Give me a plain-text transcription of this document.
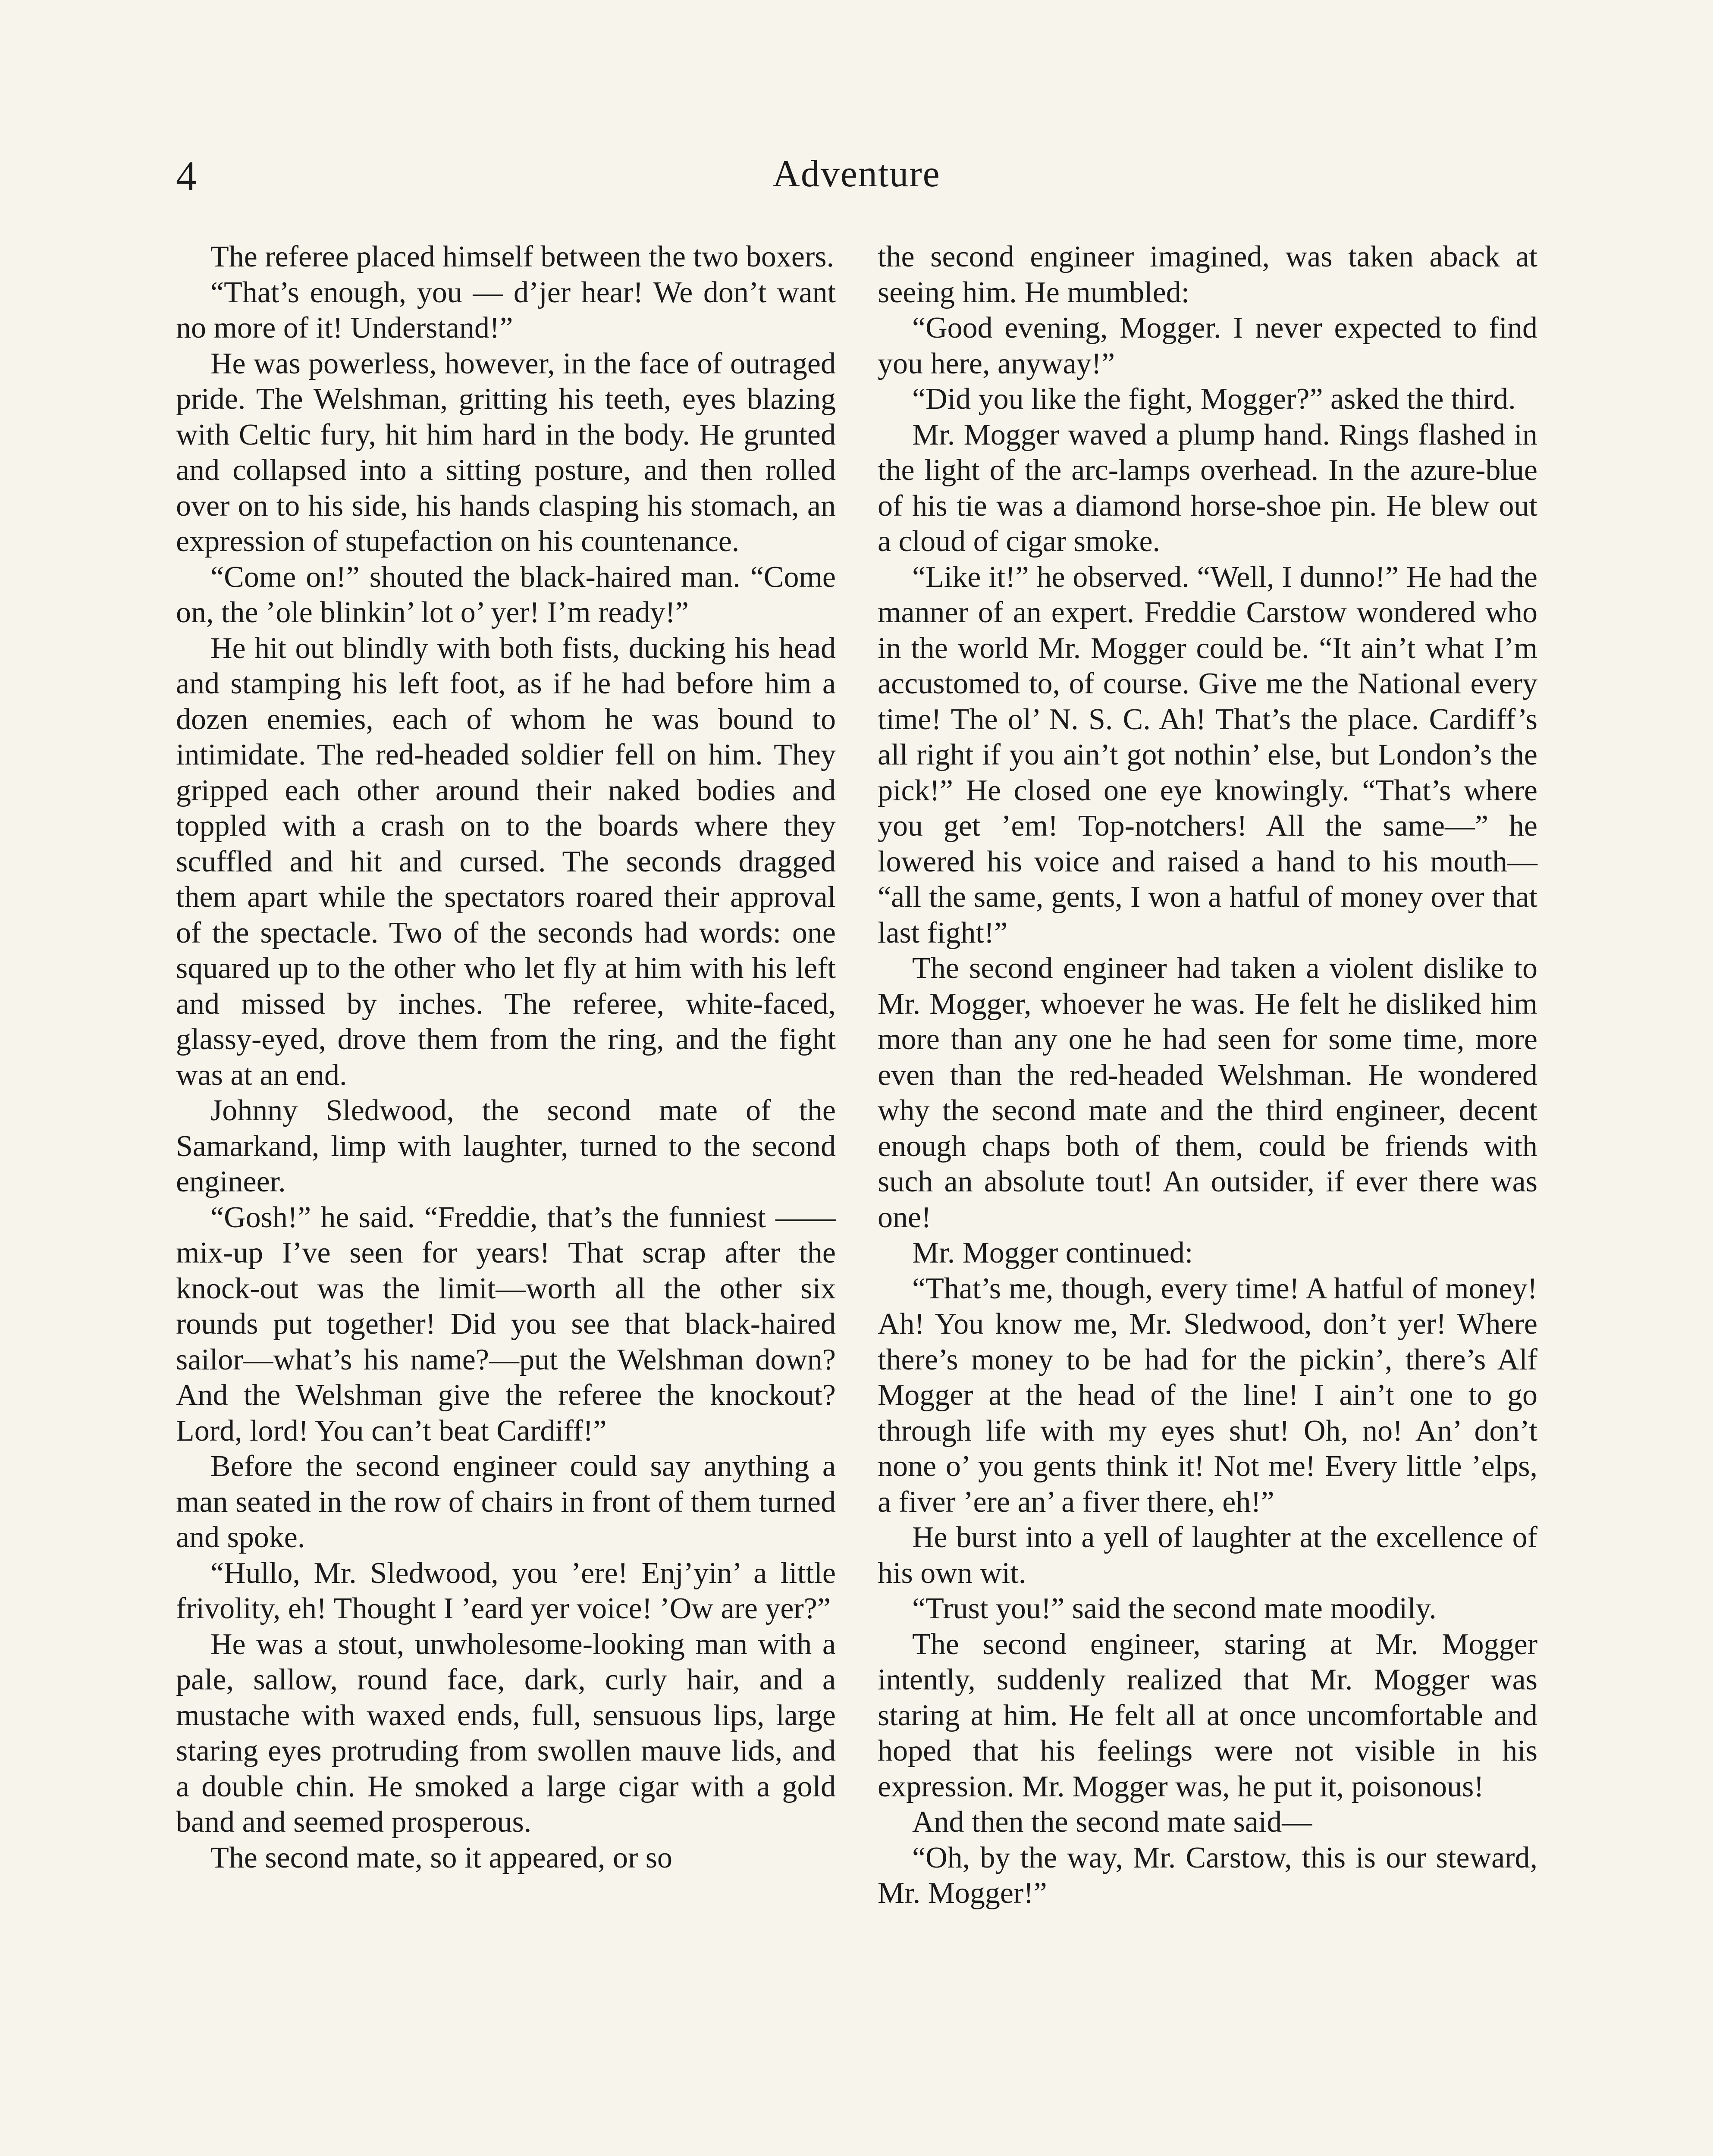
4	Adventure

The referee placed himself between the two boxers.

“That’s enough, you — d’jer hear! We don’t want no more of it! Understand!”

He was powerless, however, in the face of outraged pride. The Welshman, gritting his teeth, eyes blazing with Celtic fury, hit him hard in the body. He grunted and collapsed into a sitting posture, and then rolled over on to his side, his hands clasping his stomach, an expression of stupefaction on his countenance.

“Come on!” shouted the black-haired man. “Come on, the ’ole blinkin’ lot o’ yer! I’m ready!”

He hit out blindly with both fists, ducking his head and stamping his left foot, as if he had before him a dozen enemies, each of whom he was bound to intimidate. The red-headed soldier fell on him. They gripped each other around their naked bodies and toppled with a crash on to the boards where they scuffled and hit and cursed. The seconds dragged them apart while the spectators roared their approval of the spectacle. Two of the seconds had words: one squared up to the other who let fly at him with his left and missed by inches. The referee, white-faced, glassy-eyed, drove them from the ring, and the fight was at an end.

Johnny Sledwood, the second mate of the Samarkand, limp with laughter, turned to the second engineer.

“Gosh!” he said. “Freddie, that’s the funniest —— mix-up I’ve seen for years! That scrap after the knock-out was the limit—worth all the other six rounds put together! Did you see that black-haired sailor—what’s his name?—put the Welshman down? And the Welshman give the referee the knockout? Lord, lord! You can’t beat Cardiff!”

Before the second engineer could say anything a man seated in the row of chairs in front of them turned and spoke.

“Hullo, Mr. Sledwood, you ’ere! Enj’yin’ a little frivolity, eh! Thought I ’eard yer voice! ’Ow are yer?”

He was a stout, unwholesome-looking man with a pale, sallow, round face, dark, curly hair, and a mustache with waxed ends, full, sensuous lips, large staring eyes protruding from swollen mauve lids, and a double chin. He smoked a large cigar with a gold band and seemed prosperous.

The second mate, so it appeared, or so

the second engineer imagined, was taken aback at seeing him. He mumbled:

“Good evening, Mogger. I never expected to find you here, anyway!”

“Did you like the fight, Mogger?” asked the third.

Mr. Mogger waved a plump hand. Rings flashed in the light of the arc-lamps overhead. In the azure-blue of his tie was a diamond horse-shoe pin. He blew out a cloud of cigar smoke.

“Like it!” he observed. “Well, I dunno!” He had the manner of an expert. Freddie Carstow wondered who in the world Mr. Mogger could be. “It ain’t what I’m accustomed to, of course. Give me the National every time! The ol’ N. S. C. Ah! That’s the place. Cardiff’s all right if you ain’t got nothin’ else, but London’s the pick!” He closed one eye knowingly. “That’s where you get ’em! Top-notchers! All the same—” he lowered his voice and raised a hand to his mouth— “all the same, gents, I won a hatful of money over that last fight!”

The second engineer had taken a violent dislike to Mr. Mogger, whoever he was. He felt he disliked him more than any one he had seen for some time, more even than the red-headed Welshman. He wondered why the second mate and the third engineer, decent enough chaps both of them, could be friends with such an absolute tout! An outsider, if ever there was one!

Mr. Mogger continued:

“That’s me, though, every time! A hatful of money! Ah! You know me, Mr. Sledwood, don’t yer! Where there’s money to be had for the pickin’, there’s Alf Mogger at the head of the line! I ain’t one to go through life with my eyes shut! Oh, no! An’ don’t none o’ you gents think it! Not me! Every little ’elps, a fiver ’ere an’ a fiver there, eh!”

He burst into a yell of laughter at the excellence of his own wit.

“Trust you!” said the second mate moodily.

The second engineer, staring at Mr. Mogger intently, suddenly realized that Mr. Mogger was staring at him. He felt all at once uncomfortable and hoped that his feelings were not visible in his expression. Mr. Mogger was, he put it, poisonous!

And then the second mate said—

“Oh, by the way, Mr. Carstow, this is our steward, Mr. Mogger!”
